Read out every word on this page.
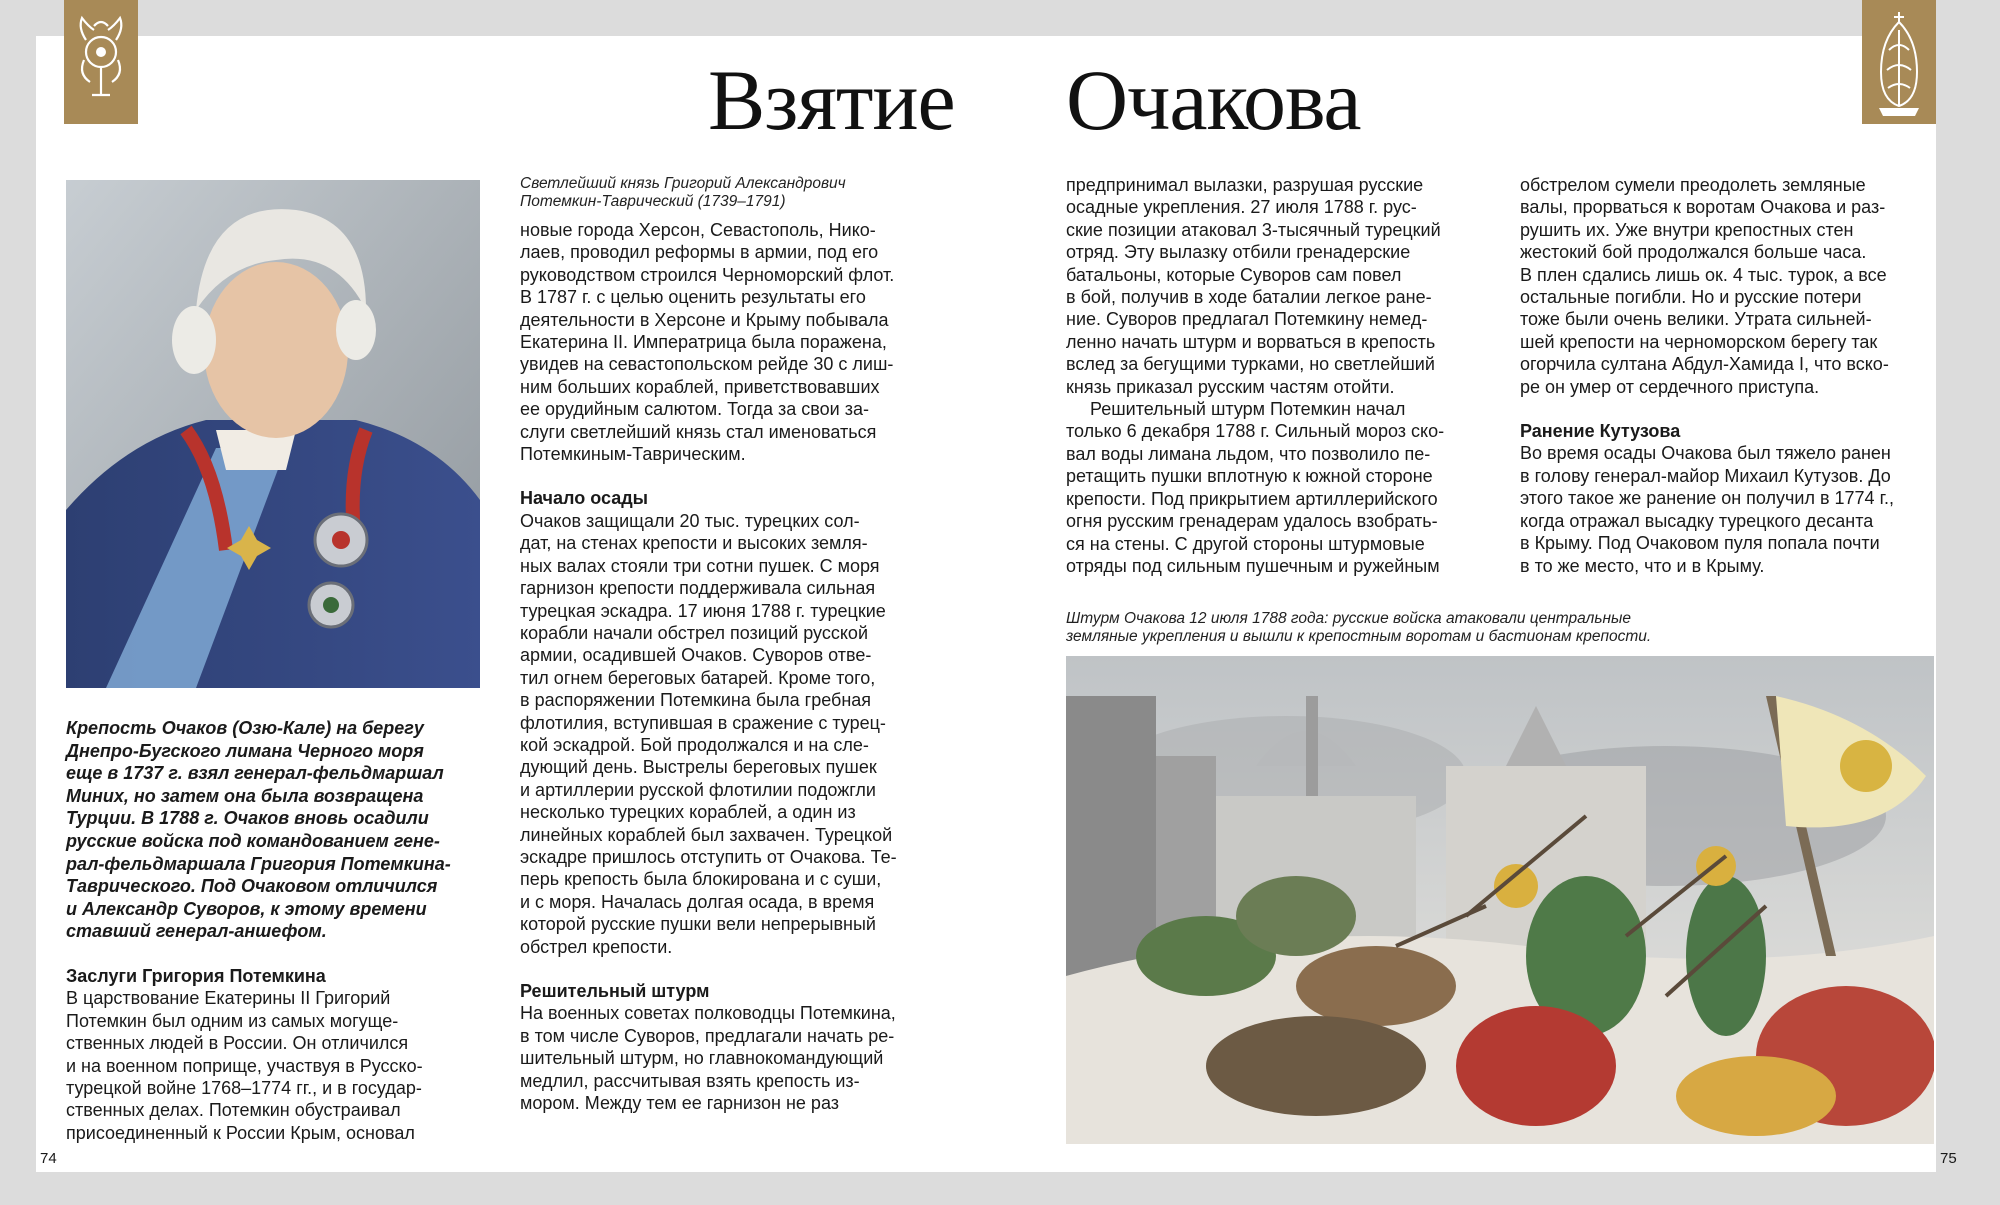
Взятие Очакова

Крепость Очаков (Озю-Кале) на берегу

Днепро-Бугского лимана Черного моря

еще в 1737 г. взял генерал-фельдмаршал

Миних, но затем она была возвращена

Турции. В 1788 г. Очаков вновь осадили

русские войска под командованием гене-

рал-фельдмаршала Григория Потемкина-

Таврического. Под Очаковом отличился

и Александр Суворов, к этому времени

ставший генерал-аншефом.

Заслуги Григория Потемкина

В царствование Екатерины II Григорий

Потемкин был одним из самых могуще-

ственных людей в России. Он отличился

и на военном поприще, участвуя в Русско-

турецкой войне 1768–1774 гг., и в государ-

ственных делах. Потемкин обустраивал

присоединенный к России Крым, основал

Светлейший князь Григорий Александрович

Потемкин-Таврический (1739–1791)

новые города Херсон, Севастополь, Нико-

лаев, проводил реформы в армии, под его

руководством строился Черноморский флот.

В 1787 г. с целью оценить результаты его

деятельности в Херсоне и Крыму побывала

Екатерина II. Императрица была поражена,

увидев на севастопольском рейде 30 с лиш-

ним больших кораблей, приветствовавших

ее орудийным салютом. Тогда за свои за-

слуги светлейший князь стал именоваться

Потемкиным-Таврическим.

Начало осады

Очаков защищали 20 тыс. турецких сол-

дат, на стенах крепости и высоких земля-

ных валах стояли три сотни пушек. С моря

гарнизон крепости поддерживала сильная

турецкая эскадра. 17 июня 1788 г. турецкие

корабли начали обстрел позиций русской

армии, осадившей Очаков. Суворов отве-

тил огнем береговых батарей. Кроме того,

в распоряжении Потемкина была гребная

флотилия, вступившая в сражение с турец-

кой эскадрой. Бой продолжался и на сле-

дующий день. Выстрелы береговых пушек

и артиллерии русской флотилии подожгли

несколько турецких кораблей, а один из

линейных кораблей был захвачен. Турецкой

эскадре пришлось отступить от Очакова. Те-

перь крепость была блокирована и с суши,

и с моря. Началась долгая осада, в время

которой русские пушки вели непрерывный

обстрел крепости.

Решительный штурм

На военных советах полководцы Потемкина,

в том числе Суворов, предлагали начать ре-

шительный штурм, но главнокомандующий

медлил, рассчитывая взять крепость из-

мором. Между тем ее гарнизон не раз

предпринимал вылазки, разрушая русские

осадные укрепления. 27 июля 1788 г. рус-

ские позиции атаковал 3-тысячный турецкий

отряд. Эту вылазку отбили гренадерские

батальоны, которые Суворов сам повел

в бой, получив в ходе баталии легкое ране-

ние. Суворов предлагал Потемкину немед-

ленно начать штурм и ворваться в крепость

вслед за бегущими турками, но светлейший

князь приказал русским частям отойти.

Решительный штурм Потемкин начал

только 6 декабря 1788 г. Сильный мороз ско-

вал воды лимана льдом, что позволило пе-

ретащить пушки вплотную к южной стороне

крепости. Под прикрытием артиллерийского

огня русским гренадерам удалось взобрать-

ся на стены. С другой стороны штурмовые

отряды под сильным пушечным и ружейным

обстрелом сумели преодолеть земляные

валы, прорваться к воротам Очакова и раз-

рушить их. Уже внутри крепостных стен

жестокий бой продолжался больше часа.

В плен сдались лишь ок. 4 тыс. турок, а все

остальные погибли. Но и русские потери

тоже были очень велики. Утрата сильней-

шей крепости на черноморском берегу так

огорчила султана Абдул-Хамида I, что вско-

ре он умер от сердечного приступа.

Ранение Кутузова

Во время осады Очакова был тяжело ранен

в голову генерал-майор Михаил Кутузов. До

этого такое же ранение он получил в 1774 г.,

когда отражал высадку турецкого десанта

в Крыму. Под Очаковом пуля попала почти

в то же место, что и в Крыму.

Штурм Очакова 12 июля 1788 года: русские войска атаковали центральные

земляные укрепления и вышли к крепостным воротам и бастионам крепости.

74	75
